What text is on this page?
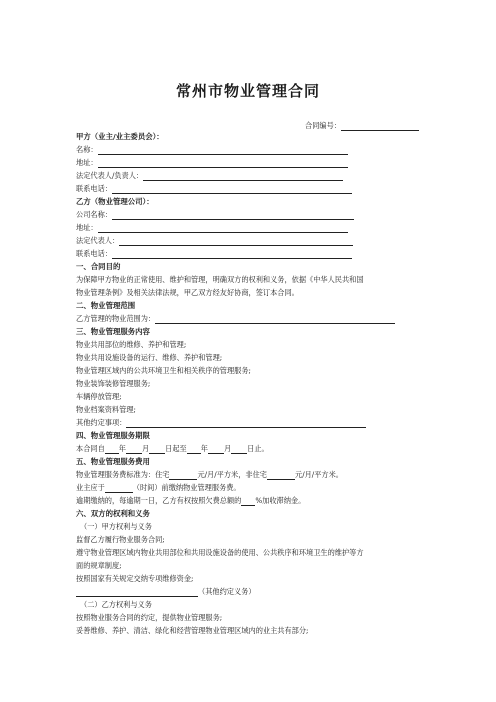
常州市物业管理合同
合同编号：
甲方（业主/业主委员会）：
名称：
地址：
法定代表人/负责人：
联系电话：
乙方（物业管理公司）：
公司名称：
地址：
法定代表人：
联系电话：
一、合同目的
为保障甲方物业的正常使用、维护和管理，明确双方的权利和义务，依据《中华人民共和国
物业管理条例》及相关法律法规，甲乙双方经友好协商，签订本合同。
二、物业管理范围
乙方管理的物业范围为：
三、物业管理服务内容
物业共用部位的维修、养护和管理;
物业共用设施设备的运行、维修、养护和管理;
物业管理区域内的公共环境卫生和相关秩序的管理服务;
物业装饰装修管理服务;
车辆停放管理;
物业档案资料管理;
其他约定事项：
四、物业管理服务期限
本合同自 年 月 日起至 年 月 日止。
五、物业管理服务费用
物业管理服务费标准为：住宅	元/月/平方米，非住宅	元/月/平方米。
业主应于	（时间）前缴纳物业管理服务费。
逾期缴纳的，每逾期一日，乙方有权按照欠费总额的 %加收滞纳金。
六、双方的权利和义务
（一）甲方权利与义务
监督乙方履行物业服务合同;
遵守物业管理区域内物业共用部位和共用设施设备的使用、公共秩序和环境卫生的维护等方
面的规章制度;
按照国家有关规定交纳专项维修资金;
（其他约定义务）
（二）乙方权利与义务
按照物业服务合同的约定，提供物业管理服务;
妥善维修、养护、清洁、绿化和经营管理物业管理区域内的业主共有部分;
